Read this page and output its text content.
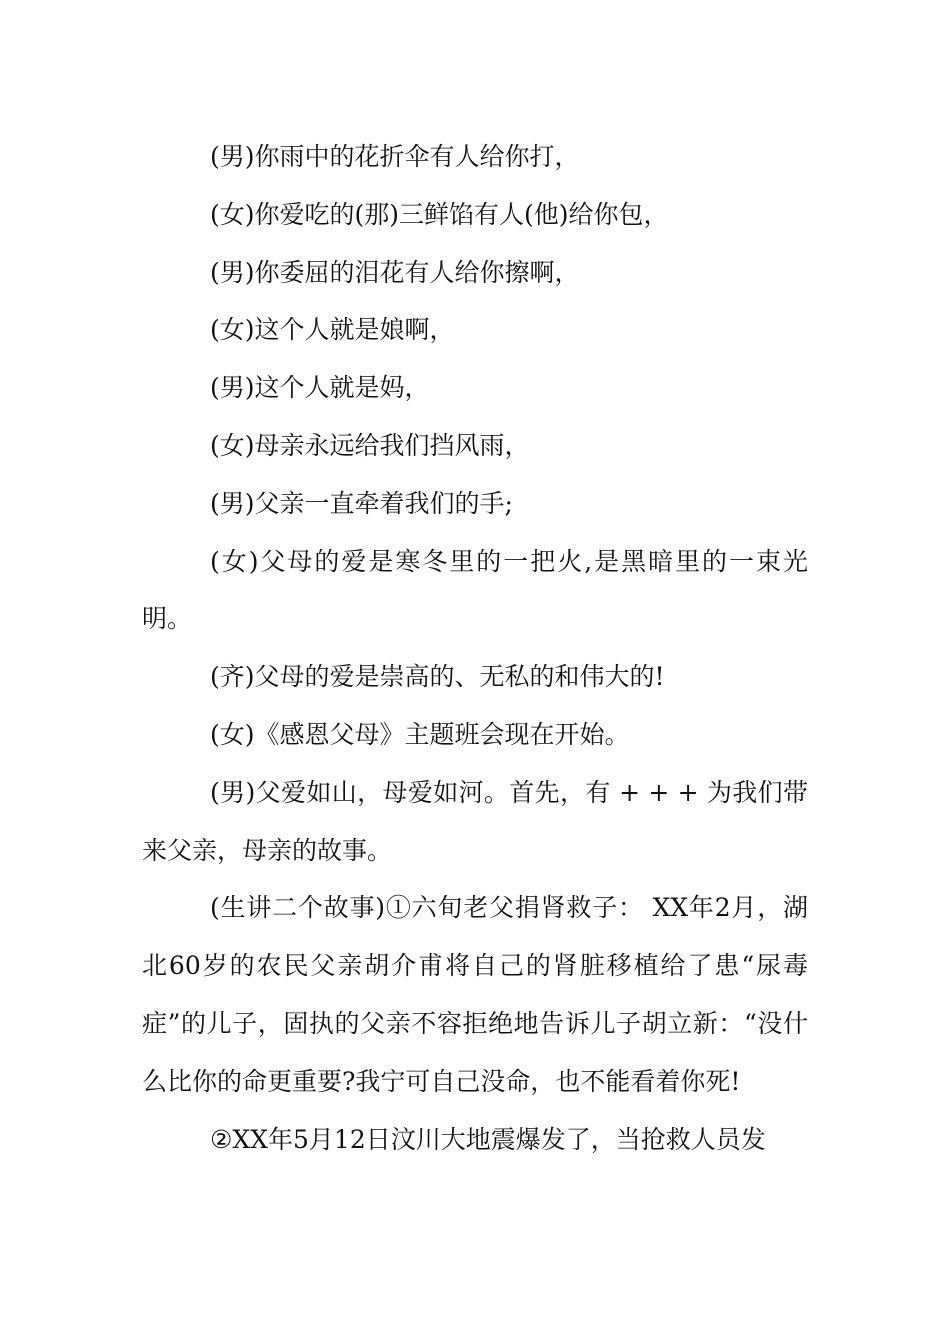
(男)你雨中的花折伞有人给你打，

(女)你爱吃的(那)三鲜馅有人(他)给你包，

(男)你委屈的泪花有人给你擦啊，

(女)这个人就是娘啊，

(男)这个人就是妈，

(女)母亲永远给我们挡风雨，

(男)父亲一直牵着我们的手;

(女)父母的爱是寒冬里的一把火,是黑暗里的一束光明。

(齐)父母的爱是崇高的、无私的和伟大的!

(女)《感恩父母》主题班会现在开始。

(男)父爱如山，母爱如河。首先，有 + + + 为我们带来父亲，母亲的故事。

(生讲二个故事)①六旬老父捐肾救子： XX年2月，湖北60岁的农民父亲胡介甫将自己的肾脏移植给了患“尿毒症”的儿子，固执的父亲不容拒绝地告诉儿子胡立新：“没什么比你的命更重要?我宁可自己没命，也不能看着你死!

②XX年5月12日汶川大地震爆发了，当抢救人员发
